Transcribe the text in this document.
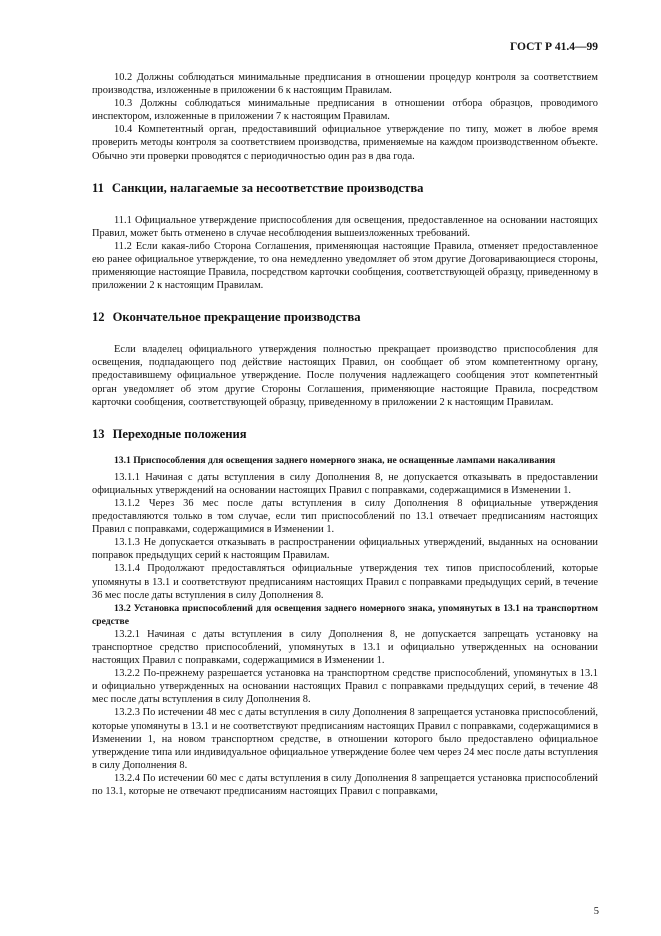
ГОСТ Р 41.4—99

10.2 Должны соблюдаться минимальные предписания в отношении процедур контроля за соответствием производства, изложенные в приложении 6 к настоящим Правилам.

10.3 Должны соблюдаться минимальные предписания в отношении отбора образцов, проводимого инспектором, изложенные в приложении 7 к настоящим Правилам.

10.4 Компетентный орган, предоставивший официальное утверждение по типу, может в любое время проверить методы контроля за соответствием производства, применяемые на каждом производственном объекте. Обычно эти проверки проводятся с периодичностью один раз в два года.

11 Санкции, налагаемые за несоответствие производства

11.1 Официальное утверждение приспособления для освещения, предоставленное на основании настоящих Правил, может быть отменено в случае несоблюдения вышеизложенных требований.

11.2 Если какая-либо Сторона Соглашения, применяющая настоящие Правила, отменяет предоставленное ею ранее официальное утверждение, то она немедленно уведомляет об этом другие Договаривающиеся стороны, применяющие настоящие Правила, посредством карточки сообщения, соответствующей образцу, приведенному в приложении 2 к настоящим Правилам.

12 Окончательное прекращение производства

Если владелец официального утверждения полностью прекращает производство приспособления для освещения, подпадающего под действие настоящих Правил, он сообщает об этом компетентному органу, предоставившему официальное утверждение. После получения надлежащего сообщения этот компетентный орган уведомляет об этом другие Стороны Соглашения, применяющие настоящие Правила, посредством карточки сообщения, соответствующей образцу, приведенному в приложении 2 к настоящим Правилам.

13 Переходные положения

13.1 Приспособления для освещения заднего номерного знака, не оснащенные лампами накаливания

13.1.1 Начиная с даты вступления в силу Дополнения 8, не допускается отказывать в предоставлении официальных утверждений на основании настоящих Правил с поправками, содержащимися в Изменении 1.

13.1.2 Через 36 мес после даты вступления в силу Дополнения 8 официальные утверждения предоставляются только в том случае, если тип приспособлений по 13.1 отвечает предписаниям настоящих Правил с поправками, содержащимися в Изменении 1.

13.1.3 Не допускается отказывать в распространении официальных утверждений, выданных на основании поправок предыдущих серий к настоящим Правилам.

13.1.4 Продолжают предоставляться официальные утверждения тех типов приспособлений, которые упомянуты в 13.1 и соответствуют предписаниям настоящих Правил с поправками предыдущих серий, в течение 36 мес после даты вступления в силу Дополнения 8.

13.2 Установка приспособлений для освещения заднего номерного знака, упомянутых в 13.1 на транспортном средстве

13.2.1 Начиная с даты вступления в силу Дополнения 8, не допускается запрещать установку на транспортное средство приспособлений, упомянутых в 13.1 и официально утвержденных на основании настоящих Правил с поправками, содержащимися в Изменении 1.

13.2.2 По-прежнему разрешается установка на транспортном средстве приспособлений, упомянутых в 13.1 и официально утвержденных на основании настоящих Правил с поправками предыдущих серий, в течение 48 мес после даты вступления в силу Дополнения 8.

13.2.3 По истечении 48 мес с даты вступления в силу Дополнения 8 запрещается установка приспособлений, которые упомянуты в 13.1 и не соответствуют предписаниям настоящих Правил с поправками, содержащимися в Изменении 1, на новом транспортном средстве, в отношении которого было предоставлено официальное утверждение типа или индивидуальное официальное утверждение более чем через 24 мес после даты вступления в силу Дополнения 8.

13.2.4 По истечении 60 мес с даты вступления в силу Дополнения 8 запрещается установка приспособлений по 13.1, которые не отвечают предписаниям настоящих Правил с поправками,

5
